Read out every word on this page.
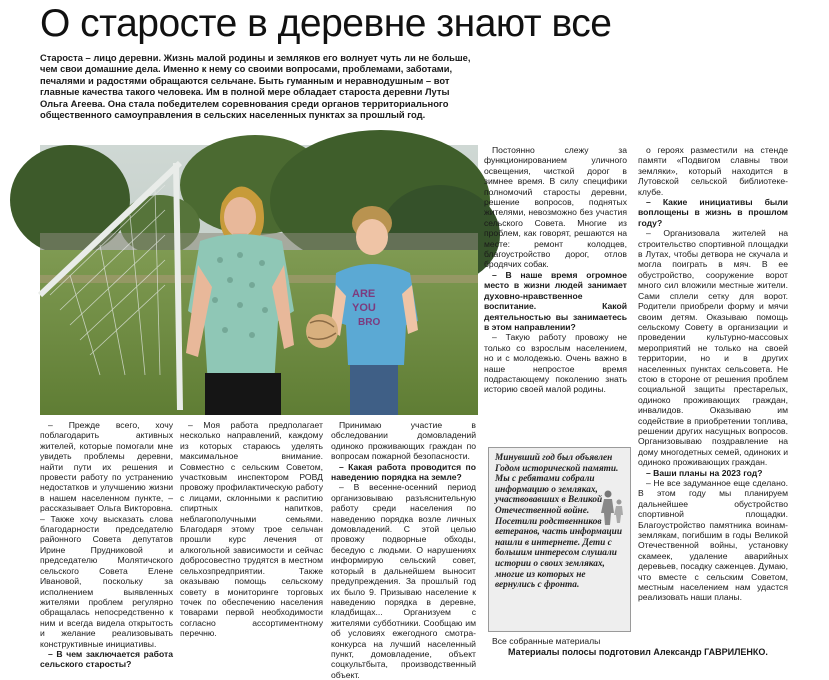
О старосте в деревне знают все

Староста – лицо деревни. Жизнь малой родины и земляков его волнует чуть ли не больше, чем свои домашние дела. Именно к нему со своими вопросами, проблемами, заботами, печалями и радостями обращаются сельчане. Быть гуманным и неравнодушным – вот главные качества такого человека. Им в полной мере обладает староста деревни Луты Ольга Агеева. Она стала победителем соревнования среди органов территориального общественного самоуправления в сельских населенных пунктах за прошлый год.

ARE
YOU
BRO

– Прежде всего, хочу поблагодарить активных жителей, которые помогали мне увидеть проблемы деревни, найти пути их решения и провести работу по устранению недостатков и улучшению жизни в нашем населенном пункте, – рассказывает Ольга Викторовна. – Также хочу высказать слова благодарности председателю районного Совета депутатов Ирине Прудниковой и председателю Молятичского сельского Совета Елене Ивановой, поскольку за исполнением выявленных жителями проблем регулярно обращалась непосредственно к ним и всегда видела открытость и желание реализовывать конструктивные инициативы.

– В чем заключается работа сельского старосты?

– Моя работа предполагает несколько направлений, каждому из которых стараюсь уделять максимальное внимание. Совместно с сельским Советом, участковым инспектором РОВД провожу профилактическую работу с лицами, склонными к распитию спиртных напитков, неблагополучными семьями. Благодаря этому трое сельчан прошли курс лечения от алкогольной зависимости и сейчас добросовестно трудятся в местном сельхозпредприятии. Также оказываю помощь сельскому совету в мониторинге торговых точек по обеспечению населения товарами первой необходимости согласно ассортиментному перечню.

Принимаю участие в обследовании домовладений одиноко проживающих граждан по вопросам пожарной безопасности.

– Какая работа проводится по наведению порядка на земле?

– В весенне-осенний период организовываю разъяснительную работу среди населения по наведению порядка возле личных домовладений. С этой целью провожу подворные обходы, беседую с людьми. О нарушениях информирую сельский совет, который в дальнейшем выносит предупреждения. За прошлый год их было 9. Призываю население к наведению порядка в деревне, кладбищах... Организуем с жителями субботники. Сообщаю им об условиях ежегодного смотра-конкурса на лучший населенный пункт, домовладение, объект соцкультбыта, производственный объект.

Постоянно слежу за функционированием уличного освещения, чисткой дорог в зимнее время. В силу специфики полномочий старосты деревни, решение вопросов, поднятых жителями, невозможно без участия сельского Совета. Многие из проблем, как говорят, решаются на месте: ремонт колодцев, благоустройство дорог, отлов бродячих собак.

– В наше время огромное место в жизни людей занимает духовно-нравственное воспитание. Какой деятельностью вы занимаетесь в этом направлении?

– Такую работу провожу не только со взрослым населением, но и с молодежью. Очень важно в наше непростое время подрастающему поколению знать историю своей малой родины.

Минувший год был объявлен Годом исторической памяти. Мы с ребятами собрали информацию о земляках, участвовавших в Великой Отечественной войне. Посетили родственников ветеранов, часть информации нашли в интернете. Дети с большим интересом слушали истории о своих земляках, многие из которых не вернулись с фронта.

Все собранные материалы

о героях разместили на стенде памяти «Подвигом славны твои земляки», который находится в Лутовской сельской библиотеке-клубе.

– Какие инициативы были воплощены в жизнь в прошлом году?

– Организовала жителей на строительство спортивной площадки в Лутах, чтобы детвора не скучала и могла поиграть в мяч. В ее обустройство, сооружение ворот много сил вложили местные жители. Сами сплели сетку для ворот. Родители приобрели форму и мячи своим детям. Оказываю помощь сельскому Совету в организации и проведении культурно-массовых мероприятий не только на своей территории, но и в других населенных пунктах сельсовета. Не стою в стороне от решения проблем социальной защиты престарелых, одиноко проживающих граждан, инвалидов. Оказываю им содействие в приобретении топлива, решении других насущных вопросов. Организовываю поздравление на дому многодетных семей, одиноких и одиноко проживающих граждан.

– Ваши планы на 2023 год?

– Не все задуманное еще сделано. В этом году мы планируем дальнейшее обустройство спортивной площадки. Благоустройство памятника воинам-землякам, погибшим в годы Великой Отечественной войны, установку скамеек, удаление аварийных деревьев, посадку саженцев. Думаю, что вместе с сельским Советом, местным населением нам удастся реализовать наши планы.

Материалы полосы подготовил Александр ГАВРИЛЕНКО.
